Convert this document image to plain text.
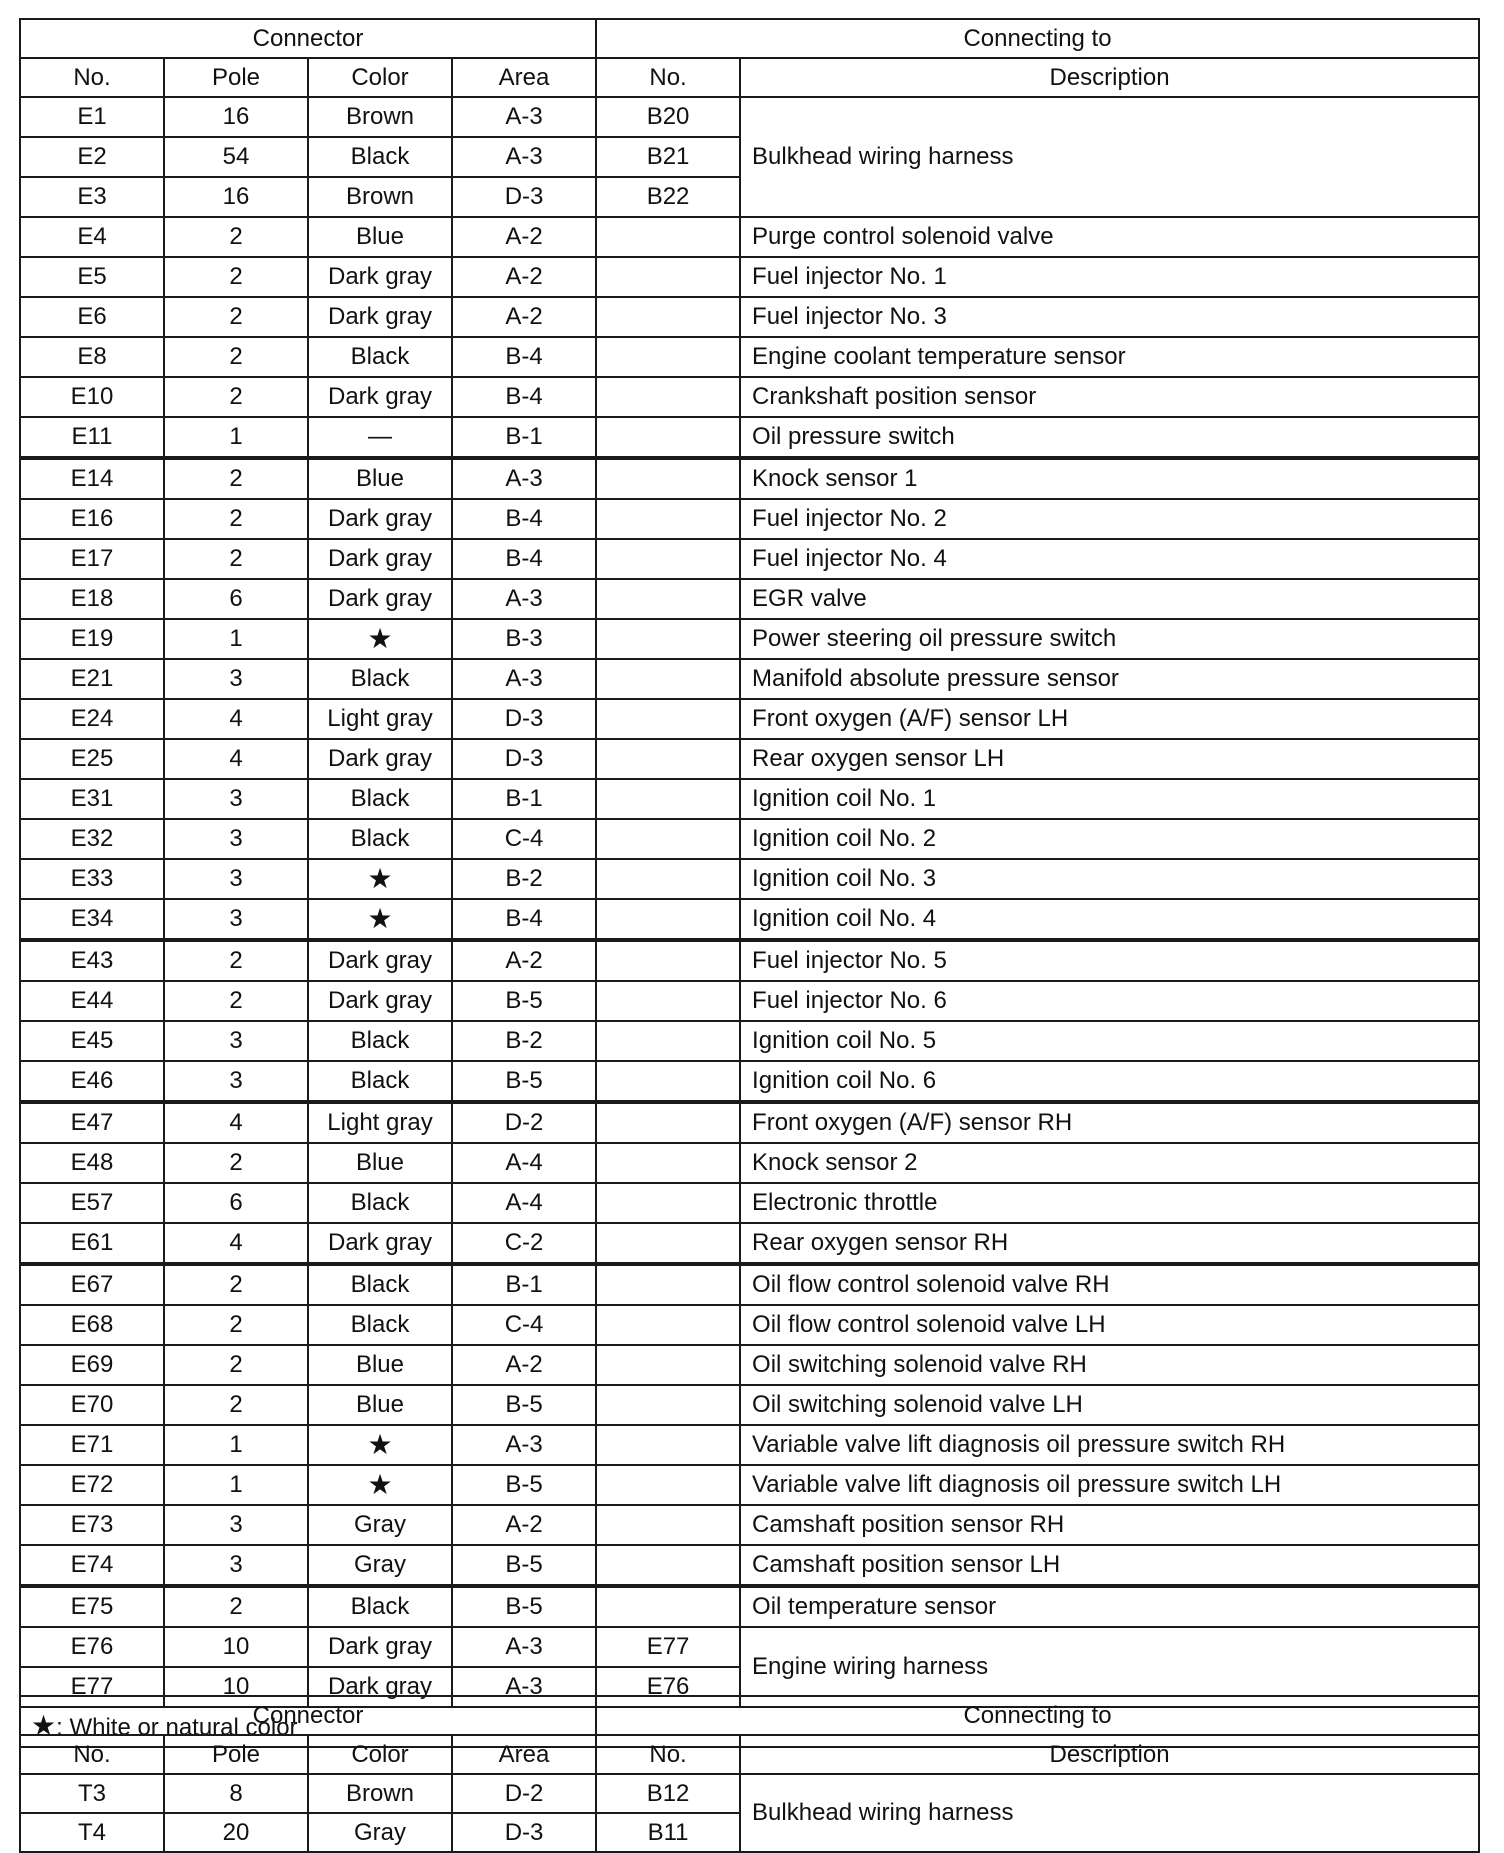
Connector				Connecting to	
No.	Pole	Color	Area	No.	Description
E1	16	Brown	A-3	B20	Bulkhead wiring harness
E2	54	Black	A-3	B21	
E3	16	Brown	D-3	B22	
E4	2	Blue	A-2		Purge control solenoid valve
E5	2	Dark gray	A-2		Fuel injector No. 1
E6	2	Dark gray	A-2		Fuel injector No. 3
E8	2	Black	B-4		Engine coolant temperature sensor
E10	2	Dark gray	B-4		Crankshaft position sensor
E11	1	—	B-1		Oil pressure switch
E14	2	Blue	A-3		Knock sensor 1
E16	2	Dark gray	B-4		Fuel injector No. 2
E17	2	Dark gray	B-4		Fuel injector No. 4
E18	6	Dark gray	A-3		EGR valve
E19	1	★	B-3		Power steering oil pressure switch
E21	3	Black	A-3		Manifold absolute pressure sensor
E24	4	Light gray	D-3		Front oxygen (A/F) sensor LH
E25	4	Dark gray	D-3		Rear oxygen sensor LH
E31	3	Black	B-1		Ignition coil No. 1
E32	3	Black	C-4		Ignition coil No. 2
E33	3	★	B-2		Ignition coil No. 3
E34	3	★	B-4		Ignition coil No. 4
E43	2	Dark gray	A-2		Fuel injector No. 5
E44	2	Dark gray	B-5		Fuel injector No. 6
E45	3	Black	B-2		Ignition coil No. 5
E46	3	Black	B-5		Ignition coil No. 6
E47	4	Light gray	D-2		Front oxygen (A/F) sensor RH
E48	2	Blue	A-4		Knock sensor 2
E57	6	Black	A-4		Electronic throttle
E61	4	Dark gray	C-2		Rear oxygen sensor RH
E67	2	Black	B-1		Oil flow control solenoid valve RH
E68	2	Black	C-4		Oil flow control solenoid valve LH
E69	2	Blue	A-2		Oil switching solenoid valve RH
E70	2	Blue	B-5		Oil switching solenoid valve LH
E71	1	★	A-3		Variable valve lift diagnosis oil pressure switch RH
E72	1	★	B-5		Variable valve lift diagnosis oil pressure switch LH
E73	3	Gray	A-2		Camshaft position sensor RH
E74	3	Gray	B-5		Camshaft position sensor LH
E75	2	Black	B-5		Oil temperature sensor
E76	10	Dark gray	A-3	E77	Engine wiring harness
E77	10	Dark gray	A-3	E76	
★: White or natural color					
Connector				Connecting to	
No.	Pole	Color	Area	No.	Description
T3	8	Brown	D-2	B12	Bulkhead wiring harness
T4	20	Gray	D-3	B11	
